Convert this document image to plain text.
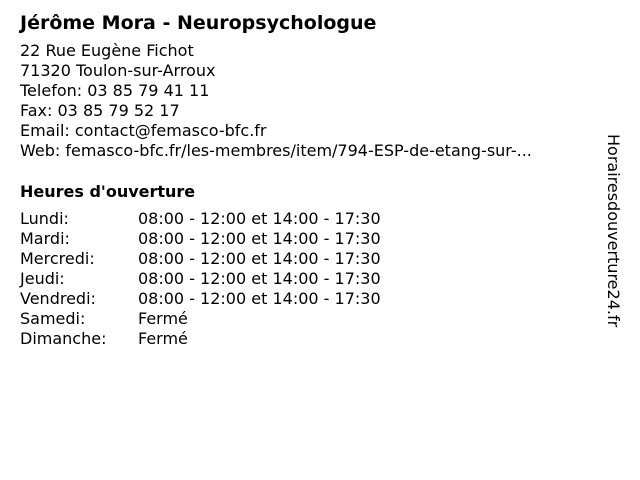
Jérôme Mora - Neuropsychologue
22 Rue Eugène Fichot
71320 Toulon-sur-Arroux
Telefon: 03 85 79 41 11
Fax: 03 85 79 52 17
Email: contact@femasco-bfc.fr
Web: femasco-bfc.fr/les-membres/item/794-ESP-de-etang-sur-...
Heures d'ouverture
Lundi:	08:00 - 12:00 et 14:00 - 17:30
Mardi:	08:00 - 12:00 et 14:00 - 17:30
Mercredi:	08:00 - 12:00 et 14:00 - 17:30
Jeudi:	08:00 - 12:00 et 14:00 - 17:30
Vendredi:	08:00 - 12:00 et 14:00 - 17:30
Samedi:	Fermé
Dimanche:	Fermé
Horairesdouverture24.fr
